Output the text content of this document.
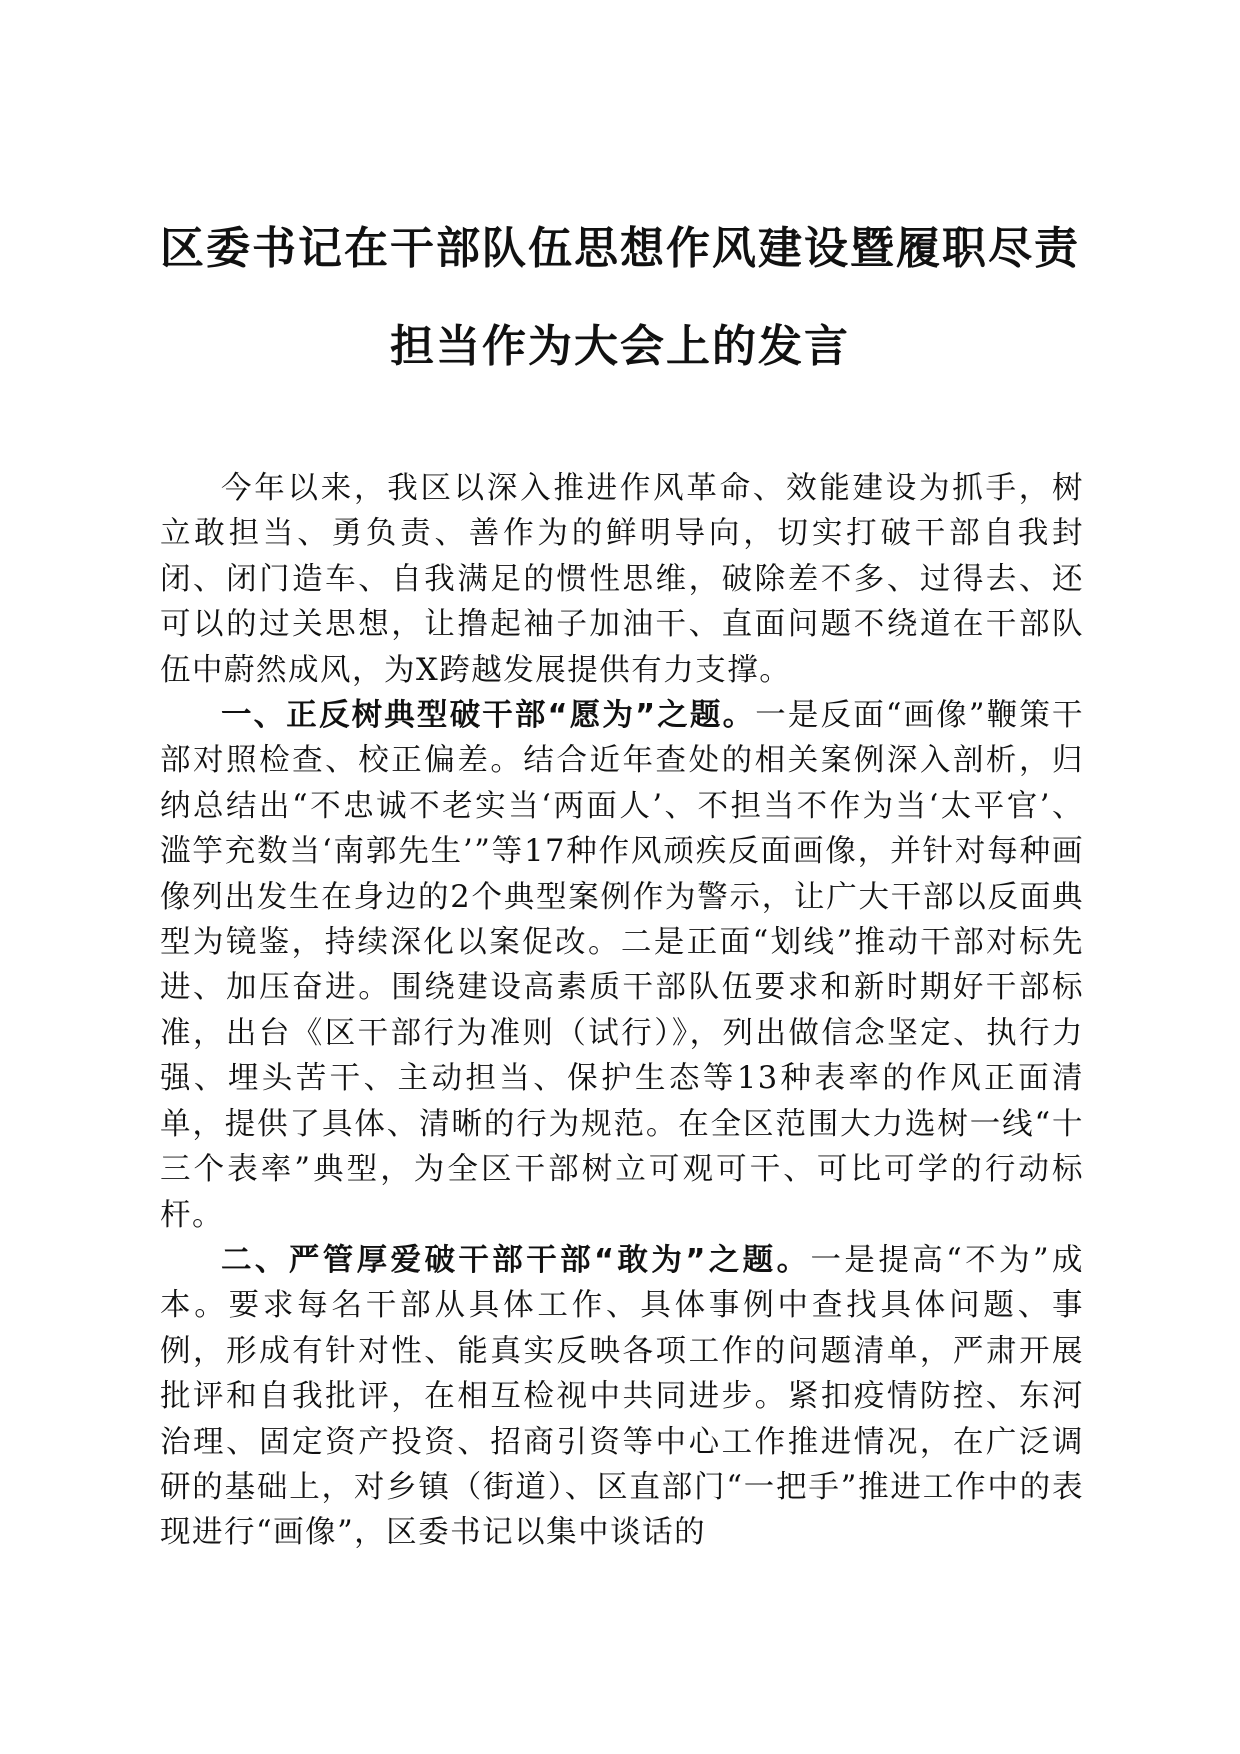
区委书记在干部队伍思想作风建设暨履职尽责

担当作为大会上的发言

今年以来，我区以深入推进作风革命、效能建设为抓手，树立敢担当、勇负责、善作为的鲜明导向，切实打破干部自我封闭、闭门造车、自我满足的惯性思维，破除差不多、过得去、还可以的过关思想，让撸起袖子加油干、直面问题不绕道在干部队伍中蔚然成风，为X跨越发展提供有力支撑。

一、正反树典型破干部“愿为”之题。一是反面“画像”鞭策干部对照检查、校正偏差。结合近年查处的相关案例深入剖析，归纳总结出“不忠诚不老实当‘两面人’、不担当不作为当‘太平官’、滥竽充数当‘南郭先生’”等17种作风顽疾反面画像，并针对每种画像列出发生在身边的2个典型案例作为警示，让广大干部以反面典型为镜鉴，持续深化以案促改。二是正面“划线”推动干部对标先进、加压奋进。围绕建设高素质干部队伍要求和新时期好干部标准，出台《区干部行为准则（试行）》，列出做信念坚定、执行力强、埋头苦干、主动担当、保护生态等13种表率的作风正面清单，提供了具体、清晰的行为规范。在全区范围大力选树一线“十三个表率”典型，为全区干部树立可观可干、可比可学的行动标杆。

二、严管厚爱破干部干部“敢为”之题。一是提高“不为”成本。要求每名干部从具体工作、具体事例中查找具体问题、事例，形成有针对性、能真实反映各项工作的问题清单，严肃开展批评和自我批评，在相互检视中共同进步。紧扣疫情防控、东河治理、固定资产投资、招商引资等中心工作推进情况，在广泛调研的基础上，对乡镇（街道）、区直部门“一把手”推进工作中的表现进行“画像”，区委书记以集中谈话的
